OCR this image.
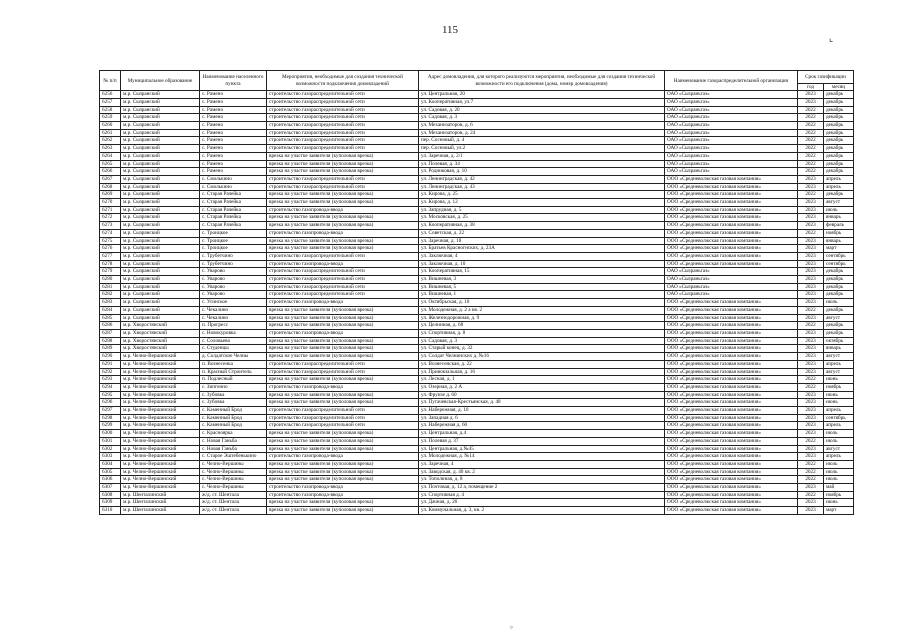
115
⌞
№ п/п	Муниципальное образование	Наименование населенного пункта	Мероприятия, необходимые для создания технической возможности подключения домовладений	Адрес домовладения, для которого реализуются мероприятия, необходимые для создания технической возможности его подключения (дома, номер домовладения)	Наименование газораспределительной организации	Срок газификации	
						год	месяц
6256	м.р. Сызранский	с. Рамено	строительство газораспределительной сети	ул. Центральная, 20	ОАО «Сызраньгаз»	2023	декабрь
6257	м.р. Сызранский	с. Рамено	строительство газораспределительной сети	ул. Кооперативная, ул.7	ОАО «Сызраньгаз»	2023	декабрь
6258	м.р. Сызранский	с. Рамено	строительство газораспределительной сети	ул. Садовая, д. 20	ОАО «Сызраньгаз»	2022	декабрь
6259	м.р. Сызранский	с. Рамено	строительство газораспределительной сети	ул. Садовая, д. 3	ОАО «Сызраньгаз»	2022	декабрь
6260	м.р. Сызранский	с. Рамено	строительство газораспределительной сети	ул. Механизаторов, д. 6	ОАО «Сызраньгаз»	2022	декабрь
6261	м.р. Сызранский	с. Рамено	строительство газораспределительной сети	ул. Механизаторов, д. 24	ОАО «Сызраньгаз»	2022	декабрь
6262	м.р. Сызранский	с. Рамено	строительство газораспределительной сети	пер. Сосновый, д. 4	ОАО «Сызраньгаз»	2022	декабрь
6263	м.р. Сызранский	с. Рамено	строительство газораспределительной сети	пер. Сосновый, ул.2	ОАО «Сызраньгаз»	2022	декабрь
6264	м.р. Сызранский	с. Рамено	врезка на участке заявителя (куполовая врезка)	ул. Заречная, д. 2/1	ОАО «Сызраньгаз»	2022	декабрь
6265	м.р. Сызранский	с. Рамено	врезка на участке заявителя (куполовая врезка)	ул. Полевая, д. 34	ОАО «Сызраньгаз»	2022	декабрь
6266	м.р. Сызранский	с. Рамено	врезка на участке заявителя (куполовая врезка)	ул. Родниковая, д. 10	ОАО «Сызраньгаз»	2022	декабрь
6267	м.р. Сызранский	с. Смолькино	строительство газораспределительной сети	ул. Ленинградская, д. 42	ООО «Средневолжская газовая компания»	2023	апрель
6268	м.р. Сызранский	с. Смолькино	строительство газораспределительной сети	ул. Ленинградская, д. 43	ООО «Средневолжская газовая компания»	2023	апрель
6269	м.р. Сызранский	с. Старая Рачейка	врезка на участке заявителя (куполовая врезка)	ул. Кирова, д. 25	ООО «Средневолжская газовая компания»	2022	декабрь
6270	м.р. Сызранский	с. Старая Рачейка	врезка на участке заявителя (куполовая врезка)	ул. Кирова, д. 12	ООО «Средневолжская газовая компания»	2023	август
6271	м.р. Сызранский	с. Старая Рачейка	строительство газопровода-ввода	ул. Запрудная, д. 5	ООО «Средневолжская газовая компания»	2023	июль
6272	м.р. Сызранский	с. Старая Рачейка	врезка на участке заявителя (куполовая врезка)	ул. Московская, д. 25	ООО «Средневолжская газовая компания»	2023	январь
6273	м.р. Сызранский	с. Старая Рачейка	врезка на участке заявителя (куполовая врезка)	ул. Кооперативная, д. 38	ООО «Средневолжская газовая компания»	2023	февраль
6274	м.р. Сызранский	с. Троицкое	строительство газопровода-ввода	ул. Советская, д. 22	ООО «Средневолжская газовая компания»	2022	ноябрь
6275	м.р. Сызранский	с. Троицкое	врезка на участке заявителя (куполовая врезка)	ул. Заречная, д. 18	ООО «Средневолжская газовая компания»	2023	январь
6276	м.р. Сызранский	с. Троицкое	врезка на участке заявителя (куполовая врезка)	ул. Братьев Красногнских, д. 23А	ООО «Средневолжская газовая компания»	2023	март
6277	м.р. Сызранский	с. Трубетчино	строительство газораспределительной сети	ул. Заключная, 4	ООО «Средневолжская газовая компания»	2023	сентябрь
6278	м.р. Сызранский	с. Трубетчино	строительство газопровода-ввода	ул. Заключная, д. 10	ООО «Средневолжская газовая компания»	2023	сентябрь
6279	м.р. Сызранский	с. Уварово	строительство газораспределительной сети	ул. Кооперативная, 15	ОАО «Сызраньгаз»	2023	декабрь
6280	м.р. Сызранский	с. Уварово	строительство газораспределительной сети	ул. Вишневая, 3	ОАО «Сызраньгаз»	2023	декабрь
6281	м.р. Сызранский	с. Уварово	строительство газораспределительной сети	ул. Вишневая, 5	ОАО «Сызраньгаз»	2023	декабрь
6282	м.р. Сызранский	с. Уварово	строительство газораспределительной сети	ул. Вишневая, 1	ОАО «Сызраньгаз»	2023	декабрь
6283	м.р. Сызранский	с. Усинское	строительство газопровода-ввода	ул. Октябрьская, д. 10	ООО «Средневолжская газовая компания»	2023	июль
6284	м.р. Сызранский	с. Чекалино	врезка на участке заявителя (куполовая врезка)	ул. Молодежная, д. 2 а кв. 2	ООО «Средневолжская газовая компания»	2022	декабрь
6285	м.р. Сызранский	с. Чекалино	врезка на участке заявителя (куполовая врезка)	ул. Железнодорожная, д. 9	ООО «Средневолжская газовая компания»	2023	август
6286	м.р. Хворостянский	п. Прогресс	врезка на участке заявителя (куполовая врезка)	ул. Целинная, д. 68	ООО «Средневолжская газовая компания»	2022	декабрь
6287	м.р. Хворостянский	с. Новокуровка	строительство газопровода-ввода	ул. Спортивная, д. 8	ООО «Средневолжская газовая компания»	2023	декабрь
6288	м.р. Хворостянский	с. Соловьево	врезка на участке заявителя (куполовая врезка)	ул. Садовая, д. 3	ООО «Средневолжская газовая компания»	2023	октябрь
6289	м.р. Хворостянский	с. Студенцы	врезка на участке заявителя (куполовая врезка)	ул. Старый конец, д. 32	ООО «Средневолжская газовая компания»	2023	январь
6290	м.р. Челно-Вершинский	д. Солдатское Челны	врезка на участке заявителя (куполовая врезка)	ул. Солдат Челнинских д. №16	ООО «Средневолжская газовая компания»	2023	август
6291	м.р. Челно-Вершинский	п. Вознесенка	строительство газораспределительной сети	ул. Вознесенская, д. 22	ООО «Средневолжская газовая компания»	2023	апрель
6292	м.р. Челно-Вершинский	п. Красный Строитель	строительство газораспределительной сети	ул. Привокзальная, д. 16	ООО «Средневолжская газовая компания»	2023	август
6293	м.р. Челно-Вершинский	п. Подлесный	врезка на участке заявителя (куполовая врезка)	ул. Лесная, д. 1	ООО «Средневолжская газовая компания»	2022	июнь
6294	м.р. Челно-Вершинский	с. Зипгеино	строительство газопровода-ввода	ул. Озерная, д. 2 А	ООО «Средневолжская газовая компания»	2022	ноябрь
6295	м.р. Челно-Вершинский	с. Зубовка	врезка на участке заявителя (куполовая врезка)	ул. Фрунзе д. 60	ООО «Средневолжская газовая компания»	2023	июнь
6296	м.р. Челно-Вершинский	с. Зубовка	врезка на участке заявителя (куполовая врезка)	ул. Пугачевская-Крестьянская, д. 48	ООО «Средневолжская газовая компания»	2023	июнь
6297	м.р. Челно-Вершинский	с. Каменный Брод	строительство газораспределительной сети	ул. Набережная, д. 10	ООО «Средневолжская газовая компания»	2023	апрель
6298	м.р. Челно-Вершинский	с. Каменный Брод	строительство газораспределительной сети	ул. Западная д. 6	ООО «Средневолжская газовая компания»	2023	сентябрь
6299	м.р. Челно-Вершинский	с. Каменный Брод	строительство газораспределительной сети	ул. Набережная д. 60	ООО «Средневолжская газовая компания»	2023	апрель
6300	м.р. Челно-Вершинский	с. Красноярка	врезка на участке заявителя (куполовая врезка)	ул. Центральная, д.4	ООО «Средневолжская газовая компания»	2023	июль
6301	м.р. Челно-Вершинский	с. Новая Ганьба	врезка на участке заявителя (куполовая врезка)	ул. Полевая д. 37	ООО «Средневолжская газовая компания»	2022	июль
6302	м.р. Челно-Вершинский	с. Новая Ганьба	врезка на участке заявителя (куполовая врезка)	ул. Центральная, д.№45	ООО «Средневолжская газовая компания»	2023	август
6303	м.р. Челно-Вершинский	с. Старое Эштебенькино	строительство газопровода-ввода	ул. Молодежная, д. №14	ООО «Средневолжская газовая компания»	2023	апрель
6304	м.р. Челно-Вершинский	с. Челно-Вершины	врезка на участке заявителя (куполовая врезка)	ул. Заречная, 4	ООО «Средневолжская газовая компания»	2022	июль
6305	м.р. Челно-Вершинский	с. Челно-Вершины	врезка на участке заявителя (куполовая врезка)	ул. Заводская, д. 40 кв. 2	ООО «Средневолжская газовая компания»	2022	июль
6306	м.р. Челно-Вершинский	с. Челно-Вершины	врезка на участке заявителя (куполовая врезка)	ул. Тополиная, д. 8	ООО «Средневолжская газовая компания»	2022	июль
6307	м.р. Челно-Вершинский	с. Челно-Вершины	строительство газопровода-ввода	ул. Почтовая, д. 12 а, помещение 2	ООО «Средневолжская газовая компания»	2023	май
6308	м.р. Шенталинский	ж/д. ст. Шентала	строительство газопровода-ввода	ул. Спортивная д. 4	ООО «Средневолжская газовая компания»	2022	ноябрь
6309	м.р. Шенталинский	ж/д. ст. Шентала	врезка на участке заявителя (куполовая врезка)	ул. Дачная, д. 26	ООО «Средневолжская газовая компания»	2023	июнь
6310	м.р. Шенталинский	ж/д. ст. Шентала	врезка на участке заявителя (куполовая врезка)	ул. Коммунальная, д. 3, кв. 2	ООО «Средневолжская газовая компания»	2023	март
°
